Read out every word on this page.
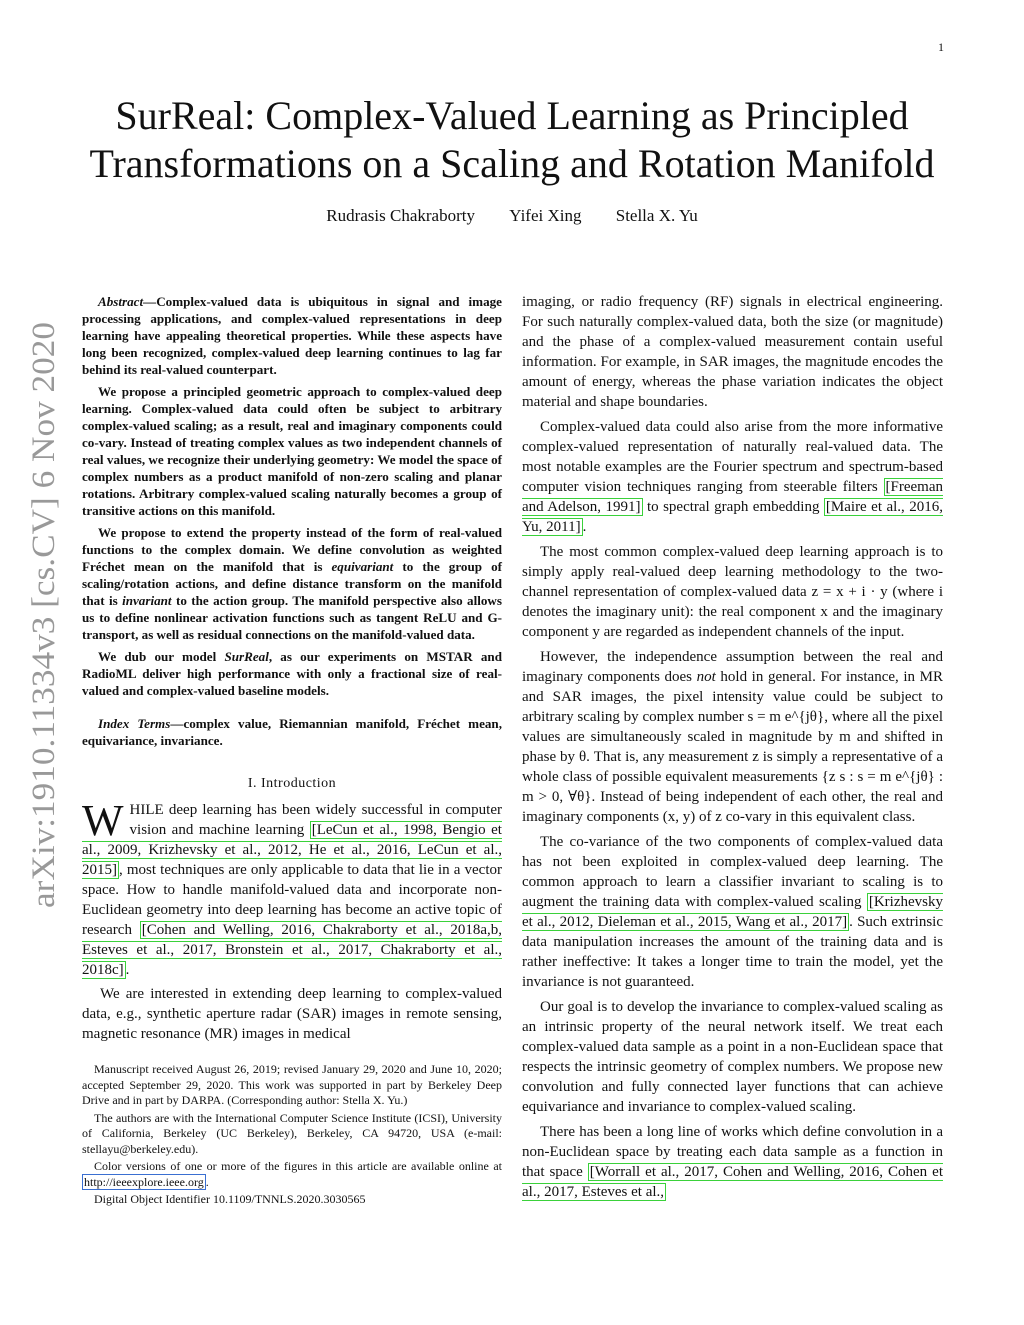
1
arXiv:1910.11334v3 [cs.CV] 6 Nov 2020
SurReal: Complex-Valued Learning as Principled Transformations on a Scaling and Rotation Manifold
Rudrasis Chakraborty Yifei Xing Stella X. Yu

Abstract—Complex-valued data is ubiquitous in signal and image processing applications, and complex-valued representations in deep learning have appealing theoretical properties. While these aspects have long been recognized, complex-valued deep learning continues to lag far behind its real-valued counterpart.

We propose a principled geometric approach to complex-valued deep learning. Complex-valued data could often be subject to arbitrary complex-valued scaling; as a result, real and imaginary components could co-vary. Instead of treating complex values as two independent channels of real values, we recognize their underlying geometry: We model the space of complex numbers as a product manifold of non-zero scaling and planar rotations. Arbitrary complex-valued scaling naturally becomes a group of transitive actions on this manifold.

We propose to extend the property instead of the form of real-valued functions to the complex domain. We define convolution as weighted Fréchet mean on the manifold that is equivariant to the group of scaling/rotation actions, and define distance transform on the manifold that is invariant to the action group. The manifold perspective also allows us to define nonlinear activation functions such as tangent ReLU and G-transport, as well as residual connections on the manifold-valued data.

We dub our model SurReal, as our experiments on MSTAR and RadioML deliver high performance with only a fractional size of real-valued and complex-valued baseline models.

Index Terms—complex value, Riemannian manifold, Fréchet mean, equivariance, invariance.
I. Introduction

WHILE deep learning has been widely successful in computer vision and machine learning [LeCun et al., 1998, Bengio et al., 2009, Krizhevsky et al., 2012, He et al., 2016, LeCun et al., 2015] , most techniques are only applicable to data that lie in a vector space. How to handle manifold-valued data and incorporate non-Euclidean geometry into deep learning has become an active topic of research [Cohen and Welling, 2016, Chakraborty et al., 2018a,b, Esteves et al., 2017, Bronstein et al., 2017, Chakraborty et al., 2018c] .

We are interested in extending deep learning to complex-valued data, e.g., synthetic aperture radar (SAR) images in remote sensing, magnetic resonance (MR) images in medical

Manuscript received August 26, 2019; revised January 29, 2020 and June 10, 2020; accepted September 29, 2020. This work was supported in part by Berkeley Deep Drive and in part by DARPA. (Corresponding author: Stella X. Yu.)

The authors are with the International Computer Science Institute (ICSI), University of California, Berkeley (UC Berkeley), Berkeley, CA 94720, USA (e-mail: stellayu@berkeley.edu).

Color versions of one or more of the figures in this article are available online at http://ieeexplore.ieee.org .

Digital Object Identifier 10.1109/TNNLS.2020.3030565

imaging, or radio frequency (RF) signals in electrical engineering. For such naturally complex-valued data, both the size (or magnitude) and the phase of a complex-valued measurement contain useful information. For example, in SAR images, the magnitude encodes the amount of energy, whereas the phase variation indicates the object material and shape boundaries.

Complex-valued data could also arise from the more informative complex-valued representation of naturally real-valued data. The most notable examples are the Fourier spectrum and spectrum-based computer vision techniques ranging from steerable filters [Freeman and Adelson, 1991] to spectral graph embedding [Maire et al., 2016, Yu, 2011] .

The most common complex-valued deep learning approach is to simply apply real-valued deep learning methodology to the two-channel representation of complex-valued data z = x + i · y (where i denotes the imaginary unit): the real component x and the imaginary component y are regarded as independent channels of the input.

However, the independence assumption between the real and imaginary components does not hold in general. For instance, in MR and SAR images, the pixel intensity value could be subject to arbitrary scaling by complex number s = m e^{jθ}, where all the pixel values are simultaneously scaled in magnitude by m and shifted in phase by θ. That is, any measurement z is simply a representative of a whole class of possible equivalent measurements {z s : s = m e^{jθ} : m > 0, ∀θ}. Instead of being independent of each other, the real and imaginary components (x, y) of z co-vary in this equivalent class.

The co-variance of the two components of complex-valued data has not been exploited in complex-valued deep learning. The common approach to learn a classifier invariant to scaling is to augment the training data with complex-valued scaling [Krizhevsky et al., 2012, Dieleman et al., 2015, Wang et al., 2017] . Such extrinsic data manipulation increases the amount of the training data and is rather ineffective: It takes a longer time to train the model, yet the invariance is not guaranteed.

Our goal is to develop the invariance to complex-valued scaling as an intrinsic property of the neural network itself. We treat each complex-valued data sample as a point in a non-Euclidean space that respects the intrinsic geometry of complex numbers. We propose new convolution and fully connected layer functions that can achieve equivariance and invariance to complex-valued scaling.

There has been a long line of works which define convolution in a non-Euclidean space by treating each data sample as a function in that space [Worrall et al., 2017, Cohen and Welling, 2016, Cohen et al., 2017, Esteves et al.,
